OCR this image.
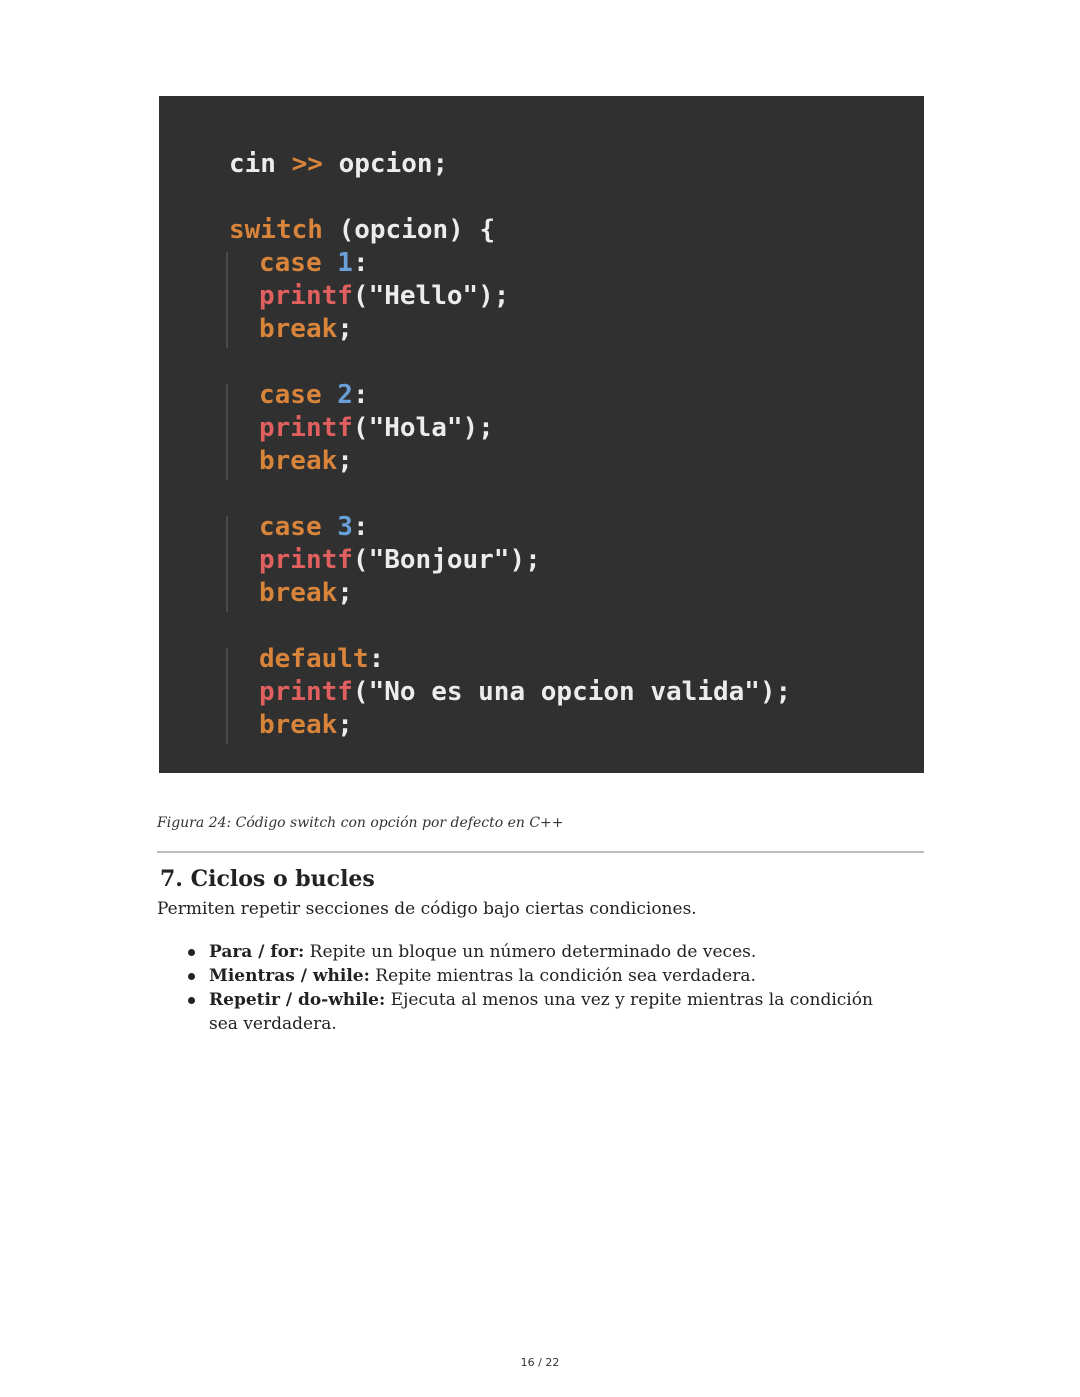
cin >> opcion;
switch (opcion) {
case 1:
printf("Hello");
break;
case 2:
printf("Hola");
break;
case 3:
printf("Bonjour");
break;
default:
printf("No es una opcion valida");
break;
Figura 24: Código switch con opción por defecto en C++
7. Ciclos o bucles

Permiten repetir secciones de código bajo ciertas condiciones.

Para / for: Repite un bloque un número determinado de veces.
Mientras / while: Repite mientras la condición sea verdadera.
Repetir / do-while: Ejecuta al menos una vez y repite mientras la condición sea verdadera.
16 / 22
